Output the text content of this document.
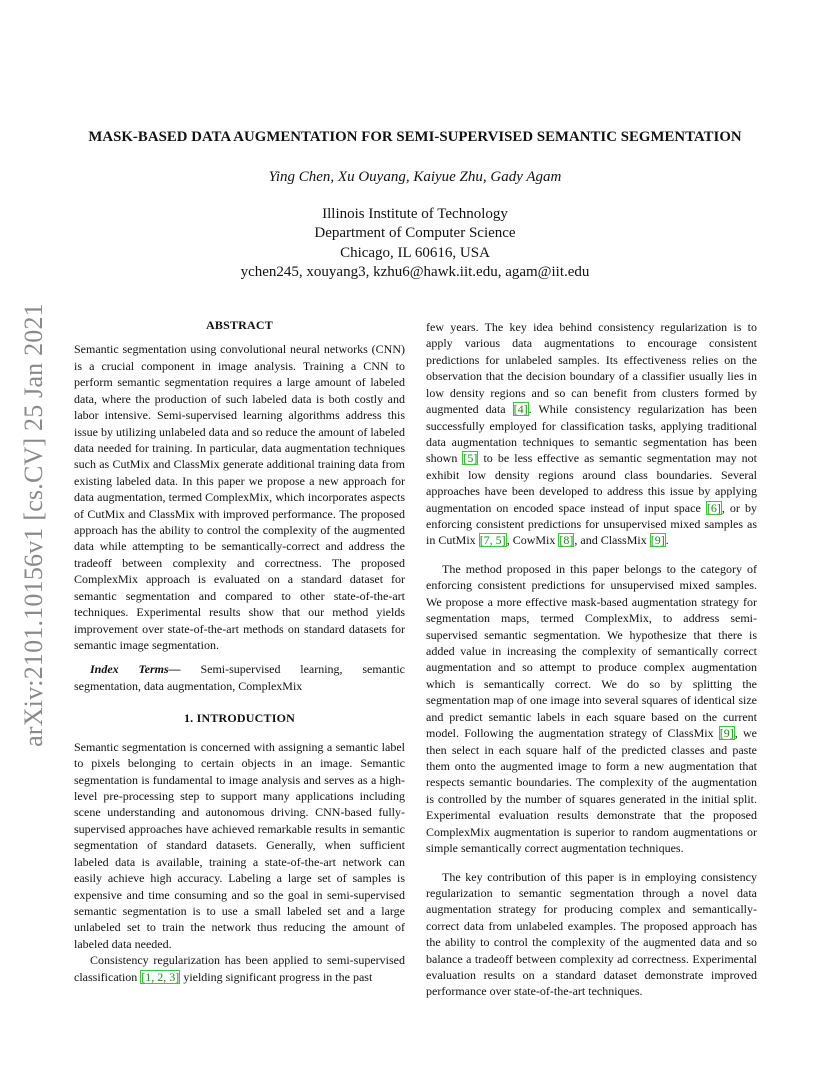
arXiv:2101.10156v1 [cs.CV] 25 Jan 2021
MASK-BASED DATA AUGMENTATION FOR SEMI-SUPERVISED SEMANTIC SEGMENTATION
Ying Chen, Xu Ouyang, Kaiyue Zhu, Gady Agam
Illinois Institute of Technology
Department of Computer Science
Chicago, IL 60616, USA
ychen245, xouyang3, kzhu6@hawk.iit.edu, agam@iit.edu
ABSTRACT

Semantic segmentation using convolutional neural networks (CNN) is a crucial component in image analysis. Training a CNN to perform semantic segmentation requires a large amount of labeled data, where the production of such labeled data is both costly and labor intensive. Semi-supervised learning algorithms address this issue by utilizing unlabeled data and so reduce the amount of labeled data needed for training. In particular, data augmentation techniques such as CutMix and ClassMix generate additional training data from existing labeled data. In this paper we propose a new approach for data augmentation, termed ComplexMix, which incorporates aspects of CutMix and ClassMix with improved performance. The proposed approach has the ability to control the complexity of the augmented data while attempting to be semantically-correct and address the tradeoff between complexity and correctness. The proposed ComplexMix approach is evaluated on a standard dataset for semantic segmentation and compared to other state-of-the-art techniques. Experimental results show that our method yields improvement over state-of-the-art methods on standard datasets for semantic image segmentation.

Index Terms— Semi-supervised learning, semantic segmentation, data augmentation, ComplexMix

1. INTRODUCTION

Semantic segmentation is concerned with assigning a semantic label to pixels belonging to certain objects in an image. Semantic segmentation is fundamental to image analysis and serves as a high-level pre-processing step to support many applications including scene understanding and autonomous driving. CNN-based fully-supervised approaches have achieved remarkable results in semantic segmentation of standard datasets. Generally, when sufficient labeled data is available, training a state-of-the-art network can easily achieve high accuracy. Labeling a large set of samples is expensive and time consuming and so the goal in semi-supervised semantic segmentation is to use a small labeled set and a large unlabeled set to train the network thus reducing the amount of labeled data needed.

Consistency regularization has been applied to semi-supervised classification [1, 2, 3] yielding significant progress in the past

few years. The key idea behind consistency regularization is to apply various data augmentations to encourage consistent predictions for unlabeled samples. Its effectiveness relies on the observation that the decision boundary of a classifier usually lies in low density regions and so can benefit from clusters formed by augmented data [4]. While consistency regularization has been successfully employed for classification tasks, applying traditional data augmentation techniques to semantic segmentation has been shown [5] to be less effective as semantic segmentation may not exhibit low density regions around class boundaries. Several approaches have been developed to address this issue by applying augmentation on encoded space instead of input space [6], or by enforcing consistent predictions for unsupervised mixed samples as in CutMix [7, 5], CowMix [8], and ClassMix [9].

The method proposed in this paper belongs to the category of enforcing consistent predictions for unsupervised mixed samples. We propose a more effective mask-based augmentation strategy for segmentation maps, termed ComplexMix, to address semi-supervised semantic segmentation. We hypothesize that there is added value in increasing the complexity of semantically correct augmentation and so attempt to produce complex augmentation which is semantically correct. We do so by splitting the segmentation map of one image into several squares of identical size and predict semantic labels in each square based on the current model. Following the augmentation strategy of ClassMix [9], we then select in each square half of the predicted classes and paste them onto the augmented image to form a new augmentation that respects semantic boundaries. The complexity of the augmentation is controlled by the number of squares generated in the initial split. Experimental evaluation results demonstrate that the proposed ComplexMix augmentation is superior to random augmentations or simple semantically correct augmentation techniques.

The key contribution of this paper is in employing consistency regularization to semantic segmentation through a novel data augmentation strategy for producing complex and semantically-correct data from unlabeled examples. The proposed approach has the ability to control the complexity of the augmented data and so balance a tradeoff between complexity ad correctness. Experimental evaluation results on a standard dataset demonstrate improved performance over state-of-the-art techniques.
